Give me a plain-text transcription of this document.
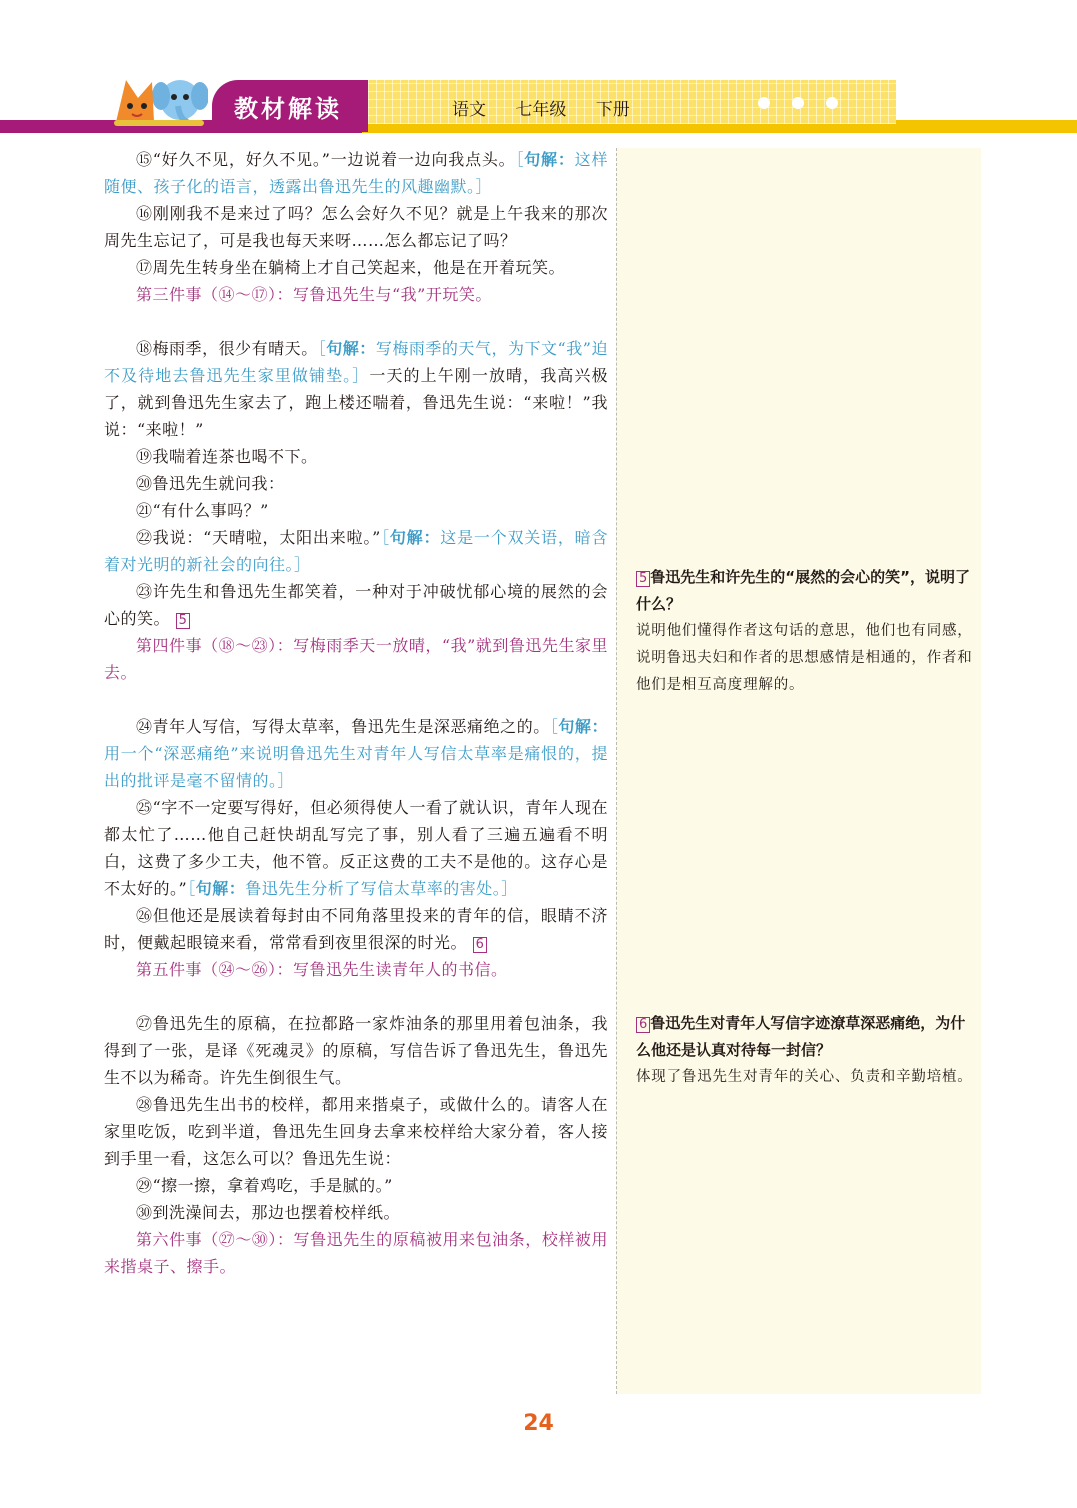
教材解读	语文 七年级 下册

⑮“好久不见，好久不见。”一边说着一边向我点头。［句解：这样随便、孩子化的语言，透露出鲁迅先生的风趣幽默。］

⑯刚刚我不是来过了吗？怎么会好久不见？就是上午我来的那次周先生忘记了，可是我也每天来呀……怎么都忘记了吗？

⑰周先生转身坐在躺椅上才自己笑起来，他是在开着玩笑。

第三件事（⑭～⑰）：写鲁迅先生与“我”开玩笑。

⑱梅雨季，很少有晴天。［句解：写梅雨季的天气，为下文“我”迫不及待地去鲁迅先生家里做铺垫。］一天的上午刚一放晴，我高兴极了，就到鲁迅先生家去了，跑上楼还喘着，鲁迅先生说：“来啦！”我说：“来啦！”

⑲我喘着连茶也喝不下。

⑳鲁迅先生就问我：

㉑“有什么事吗？”

㉒我说：“天晴啦，太阳出来啦。”［句解：这是一个双关语，暗含着对光明的新社会的向往。］

㉓许先生和鲁迅先生都笑着，一种对于冲破忧郁心境的展然的会心的笑。 5

第四件事（⑱～㉓）：写梅雨季天一放晴，“我”就到鲁迅先生家里去。

㉔青年人写信，写得太草率，鲁迅先生是深恶痛绝之的。［句解：用一个“深恶痛绝”来说明鲁迅先生对青年人写信太草率是痛恨的，提出的批评是毫不留情的。］

㉕“字不一定要写得好，但必须得使人一看了就认识，青年人现在都太忙了……他自己赶快胡乱写完了事，别人看了三遍五遍看不明白，这费了多少工夫，他不管。反正这费的工夫不是他的。这存心是不太好的。”［句解：鲁迅先生分析了写信太草率的害处。］

㉖但他还是展读着每封由不同角落里投来的青年的信，眼睛不济时，便戴起眼镜来看，常常看到夜里很深的时光。 6

第五件事（㉔～㉖）：写鲁迅先生读青年人的书信。

㉗鲁迅先生的原稿，在拉都路一家炸油条的那里用着包油条，我得到了一张，是译《死魂灵》的原稿，写信告诉了鲁迅先生，鲁迅先生不以为稀奇。许先生倒很生气。

㉘鲁迅先生出书的校样，都用来揩桌子，或做什么的。请客人在家里吃饭，吃到半道，鲁迅先生回身去拿来校样给大家分着，客人接到手里一看，这怎么可以？鲁迅先生说：

㉙“擦一擦，拿着鸡吃，手是腻的。”

㉚到洗澡间去，那边也摆着校样纸。

第六件事（㉗～㉚）：写鲁迅先生的原稿被用来包油条，校样被用来揩桌子、擦手。

5 鲁迅先生和许先生的“展然的会心的笑”，说明了什么？

说明他们懂得作者这句话的意思，他们也有同感，说明鲁迅夫妇和作者的思想感情是相通的，作者和他们是相互高度理解的。

6 鲁迅先生对青年人写信字迹潦草深恶痛绝，为什么他还是认真对待每一封信？

体现了鲁迅先生对青年的关心、负责和辛勤培植。

24
